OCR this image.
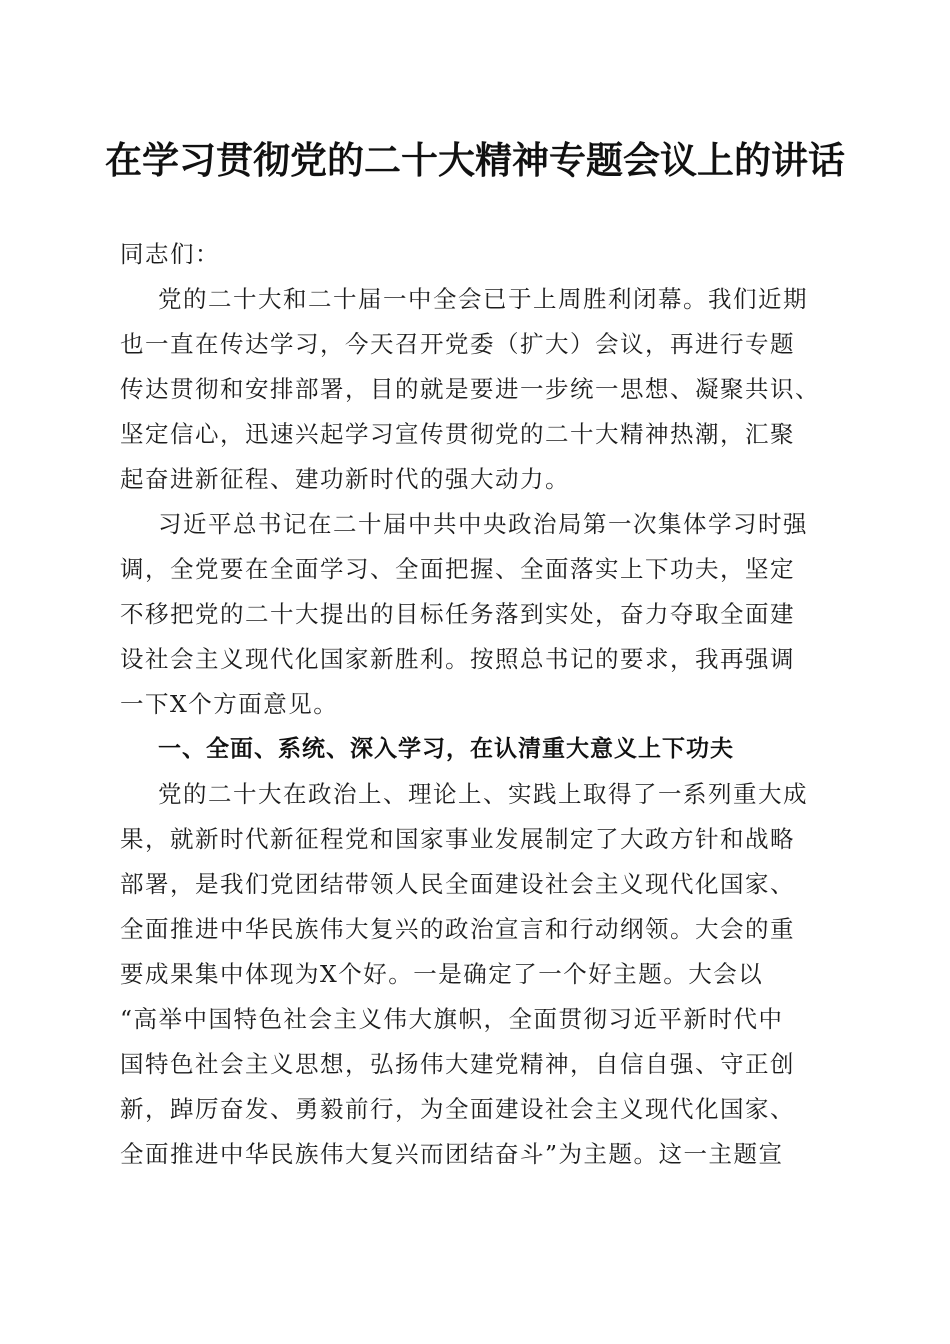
在学习贯彻党的二十大精神专题会议上的讲话
同志们：
党的二十大和二十届一中全会已于上周胜利闭幕。我们近期
也一直在传达学习，今天召开党委（扩大）会议，再进行专题
传达贯彻和安排部署，目的就是要进一步统一思想、凝聚共识、
坚定信心，迅速兴起学习宣传贯彻党的二十大精神热潮，汇聚
起奋进新征程、建功新时代的强大动力。
习近平总书记在二十届中共中央政治局第一次集体学习时强
调，全党要在全面学习、全面把握、全面落实上下功夫，坚定
不移把党的二十大提出的目标任务落到实处，奋力夺取全面建
设社会主义现代化国家新胜利。按照总书记的要求，我再强调
一下X个方面意见。
一、全面、系统、深入学习，在认清重大意义上下功夫
党的二十大在政治上、理论上、实践上取得了一系列重大成
果，就新时代新征程党和国家事业发展制定了大政方针和战略
部署，是我们党团结带领人民全面建设社会主义现代化国家、
全面推进中华民族伟大复兴的政治宣言和行动纲领。大会的重
要成果集中体现为X个好。一是确定了一个好主题。大会以
“高举中国特色社会主义伟大旗帜，全面贯彻习近平新时代中
国特色社会主义思想，弘扬伟大建党精神，自信自强、守正创
新，踔厉奋发、勇毅前行，为全面建设社会主义现代化国家、
全面推进中华民族伟大复兴而团结奋斗”为主题。这一主题宣
